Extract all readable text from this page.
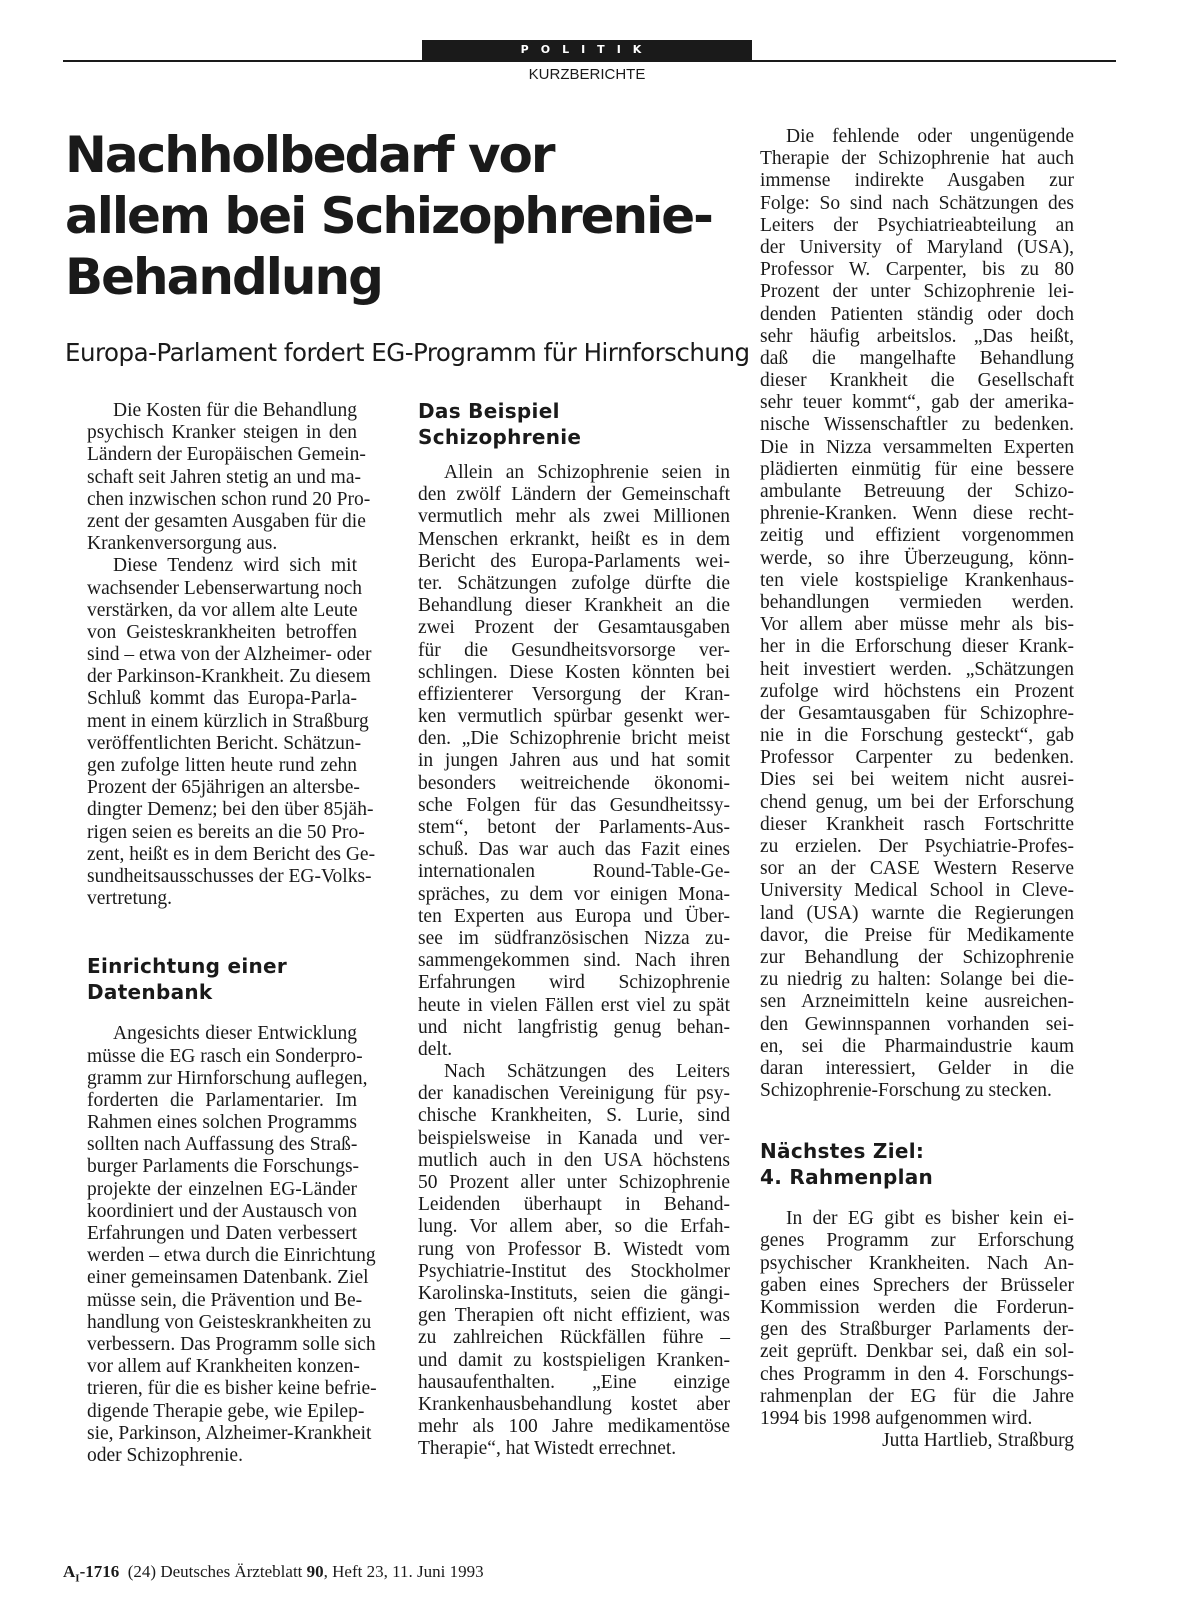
POLITIK
KURZBERICHTE
Nachholbedarf vor
allem bei Schizophrenie-
Behandlung
Europa-Parlament fordert EG-Programm für Hirnforschung
Die Kosten für die Behandlung
psychisch Kranker steigen in den
Ländern der Europäischen Gemein-
schaft seit Jahren stetig an und ma-
chen inzwischen schon rund 20 Pro-
zent der gesamten Ausgaben für die
Krankenversorgung aus.
Diese Tendenz wird sich mit
wachsender Lebenserwartung noch
verstärken, da vor allem alte Leute
von Geisteskrankheiten betroffen
sind – etwa von der Alzheimer- oder
der Parkinson-Krankheit. Zu diesem
Schluß kommt das Europa-Parla-
ment in einem kürzlich in Straßburg
veröffentlichten Bericht. Schätzun-
gen zufolge litten heute rund zehn
Prozent der 65jährigen an altersbe-
dingter Demenz; bei den über 85jäh-
rigen seien es bereits an die 50 Pro-
zent, heißt es in dem Bericht des Ge-
sundheitsausschusses der EG-Volks-
vertretung.
Einrichtung einer
Datenbank
Angesichts dieser Entwicklung
müsse die EG rasch ein Sonderpro-
gramm zur Hirnforschung auflegen,
forderten die Parlamentarier. Im
Rahmen eines solchen Programms
sollten nach Auffassung des Straß-
burger Parlaments die Forschungs-
projekte der einzelnen EG-Länder
koordiniert und der Austausch von
Erfahrungen und Daten verbessert
werden – etwa durch die Einrichtung
einer gemeinsamen Datenbank. Ziel
müsse sein, die Prävention und Be-
handlung von Geisteskrankheiten zu
verbessern. Das Programm solle sich
vor allem auf Krankheiten konzen-
trieren, für die es bisher keine befrie-
digende Therapie gebe, wie Epilep-
sie, Parkinson, Alzheimer-Krankheit
oder Schizophrenie.
Das Beispiel
Schizophrenie
Allein an Schizophrenie seien in
den zwölf Ländern der Gemeinschaft
vermutlich mehr als zwei Millionen
Menschen erkrankt, heißt es in dem
Bericht des Europa-Parlaments wei-
ter. Schätzungen zufolge dürfte die
Behandlung dieser Krankheit an die
zwei Prozent der Gesamtausgaben
für die Gesundheitsvorsorge ver-
schlingen. Diese Kosten könnten bei
effizienterer Versorgung der Kran-
ken vermutlich spürbar gesenkt wer-
den. „Die Schizophrenie bricht meist
in jungen Jahren aus und hat somit
besonders weitreichende ökonomi-
sche Folgen für das Gesundheitssy-
stem“, betont der Parlaments-Aus-
schuß. Das war auch das Fazit eines
internationalen Round-Table-Ge-
spräches, zu dem vor einigen Mona-
ten Experten aus Europa und Über-
see im südfranzösischen Nizza zu-
sammengekommen sind. Nach ihren
Erfahrungen wird Schizophrenie
heute in vielen Fällen erst viel zu spät
und nicht langfristig genug behan-
delt.
Nach Schätzungen des Leiters
der kanadischen Vereinigung für psy-
chische Krankheiten, S. Lurie, sind
beispielsweise in Kanada und ver-
mutlich auch in den USA höchstens
50 Prozent aller unter Schizophrenie
Leidenden überhaupt in Behand-
lung. Vor allem aber, so die Erfah-
rung von Professor B. Wistedt vom
Psychiatrie-Institut des Stockholmer
Karolinska-Instituts, seien die gängi-
gen Therapien oft nicht effizient, was
zu zahlreichen Rückfällen führe –
und damit zu kostspieligen Kranken-
hausaufenthalten. „Eine einzige
Krankenhausbehandlung kostet aber
mehr als 100 Jahre medikamentöse
Therapie“, hat Wistedt errechnet.
Die fehlende oder ungenügende
Therapie der Schizophrenie hat auch
immense indirekte Ausgaben zur
Folge: So sind nach Schätzungen des
Leiters der Psychiatrieabteilung an
der University of Maryland (USA),
Professor W. Carpenter, bis zu 80
Prozent der unter Schizophrenie lei-
denden Patienten ständig oder doch
sehr häufig arbeitslos. „Das heißt,
daß die mangelhafte Behandlung
dieser Krankheit die Gesellschaft
sehr teuer kommt“, gab der amerika-
nische Wissenschaftler zu bedenken.
Die in Nizza versammelten Experten
plädierten einmütig für eine bessere
ambulante Betreuung der Schizo-
phrenie-Kranken. Wenn diese recht-
zeitig und effizient vorgenommen
werde, so ihre Überzeugung, könn-
ten viele kostspielige Krankenhaus-
behandlungen vermieden werden.
Vor allem aber müsse mehr als bis-
her in die Erforschung dieser Krank-
heit investiert werden. „Schätzungen
zufolge wird höchstens ein Prozent
der Gesamtausgaben für Schizophre-
nie in die Forschung gesteckt“, gab
Professor Carpenter zu bedenken.
Dies sei bei weitem nicht ausrei-
chend genug, um bei der Erforschung
dieser Krankheit rasch Fortschritte
zu erzielen. Der Psychiatrie-Profes-
sor an der CASE Western Reserve
University Medical School in Cleve-
land (USA) warnte die Regierungen
davor, die Preise für Medikamente
zur Behandlung der Schizophrenie
zu niedrig zu halten: Solange bei die-
sen Arzneimitteln keine ausreichen-
den Gewinnspannen vorhanden sei-
en, sei die Pharmaindustrie kaum
daran interessiert, Gelder in die
Schizophrenie-Forschung zu stecken.
Nächstes Ziel:
4. Rahmenplan
In der EG gibt es bisher kein ei-
genes Programm zur Erforschung
psychischer Krankheiten. Nach An-
gaben eines Sprechers der Brüsseler
Kommission werden die Forderun-
gen des Straßburger Parlaments der-
zeit geprüft. Denkbar sei, daß ein sol-
ches Programm in den 4. Forschungs-
rahmenplan der EG für die Jahre
1994 bis 1998 aufgenommen wird.
Jutta Hartlieb, Straßburg
$A_I-1716$ (24) Deutsches Ärzteblatt 90, Heft 23, 11. Juni 1993
